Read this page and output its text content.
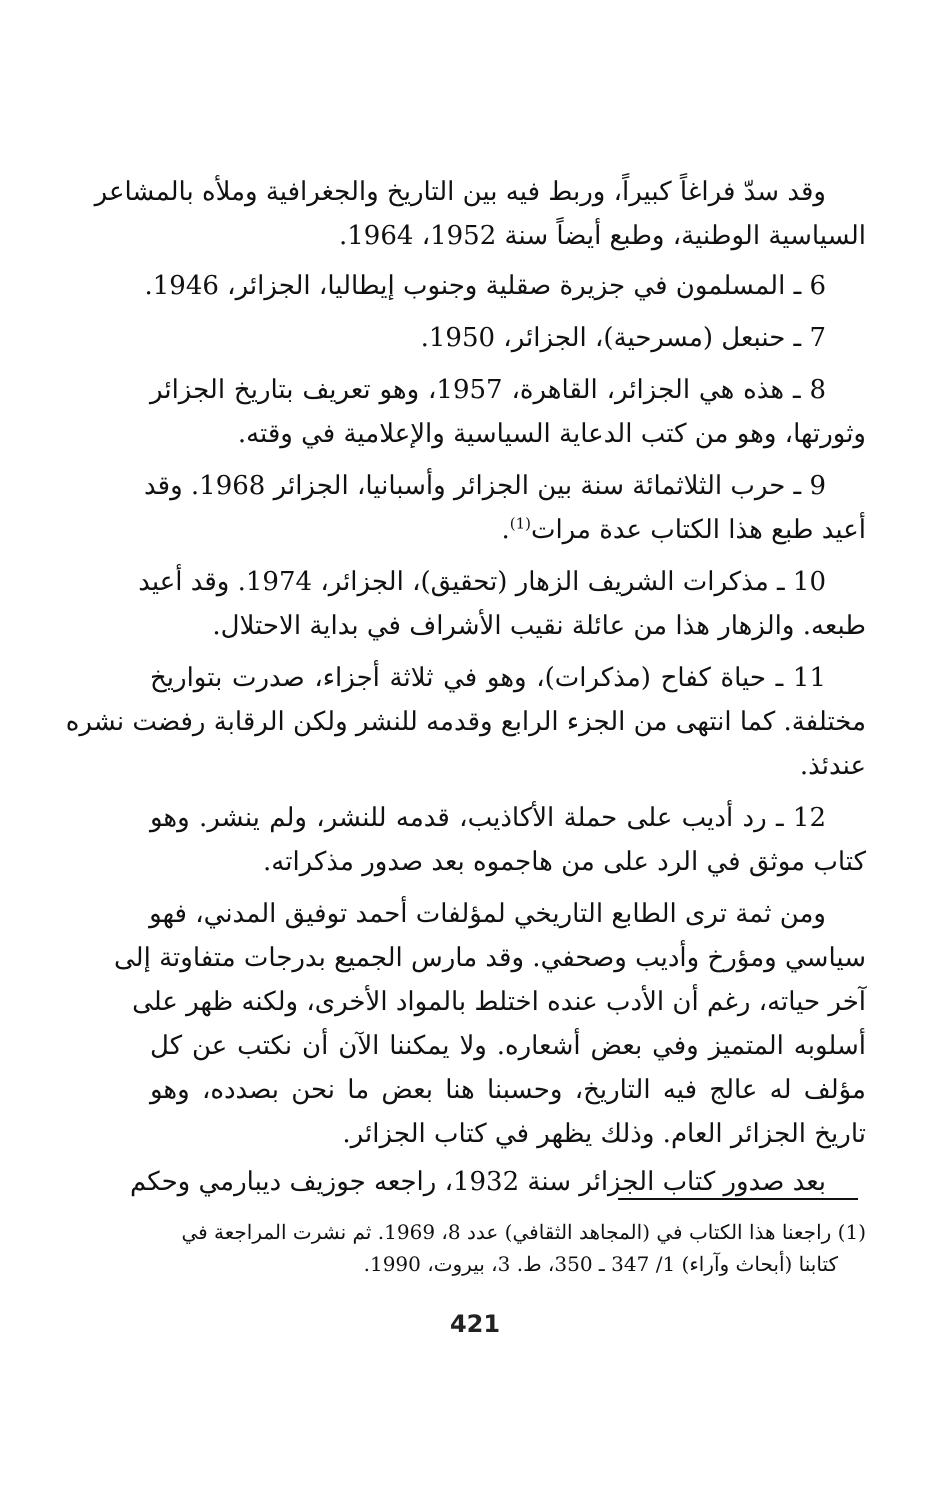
وقد سدّ فراغاً كبيراً، وربط فيه بين التاريخ والجغرافية وملأه بالمشاعر
السياسية الوطنية، وطبع أيضاً سنة 1952، 1964.

6 ـ المسلمون في جزيرة صقلية وجنوب إيطاليا، الجزائر، 1946.

7 ـ حنبعل (مسرحية)، الجزائر، 1950.

8 ـ هذه هي الجزائر، القاهرة، 1957، وهو تعريف بتاريخ الجزائر
وثورتها، وهو من كتب الدعاية السياسية والإعلامية في وقته.

9 ـ حرب الثلاثمائة سنة بين الجزائر وأسبانيا، الجزائر 1968. وقد
أعيد طبع هذا الكتاب عدة مرات$^{(1)}$.

10 ـ مذكرات الشريف الزهار (تحقيق)، الجزائر، 1974. وقد أعيد
طبعه. والزهار هذا من عائلة نقيب الأشراف في بداية الاحتلال.

11 ـ حياة كفاح (مذكرات)، وهو في ثلاثة أجزاء، صدرت بتواريخ
مختلفة. كما انتهى من الجزء الرابع وقدمه للنشر ولكن الرقابة رفضت نشره
عندئذ.

12 ـ رد أديب على حملة الأكاذيب، قدمه للنشر، ولم ينشر. وهو
كتاب موثق في الرد على من هاجموه بعد صدور مذكراته.

ومن ثمة ترى الطابع التاريخي لمؤلفات أحمد توفيق المدني، فهو
سياسي ومؤرخ وأديب وصحفي. وقد مارس الجميع بدرجات متفاوتة إلى
آخر حياته، رغم أن الأدب عنده اختلط بالمواد الأخرى، ولكنه ظهر على
أسلوبه المتميز وفي بعض أشعاره. ولا يمكننا الآن أن نكتب عن كل
مؤلف له عالج فيه التاريخ، وحسبنا هنا بعض ما نحن بصدده، وهو
تاريخ الجزائر العام. وذلك يظهر في كتاب الجزائر.

بعد صدور كتاب الجزائر سنة 1932، راجعه جوزيف ديبارمي وحكم

(1) راجعنا هذا الكتاب في (المجاهد الثقافي) عدد 8، 1969. ثم نشرت المراجعة في
كتابنا (أبحاث وآراء) 1/ 347 ـ 350، ط. 3، بيروت، 1990.
421
